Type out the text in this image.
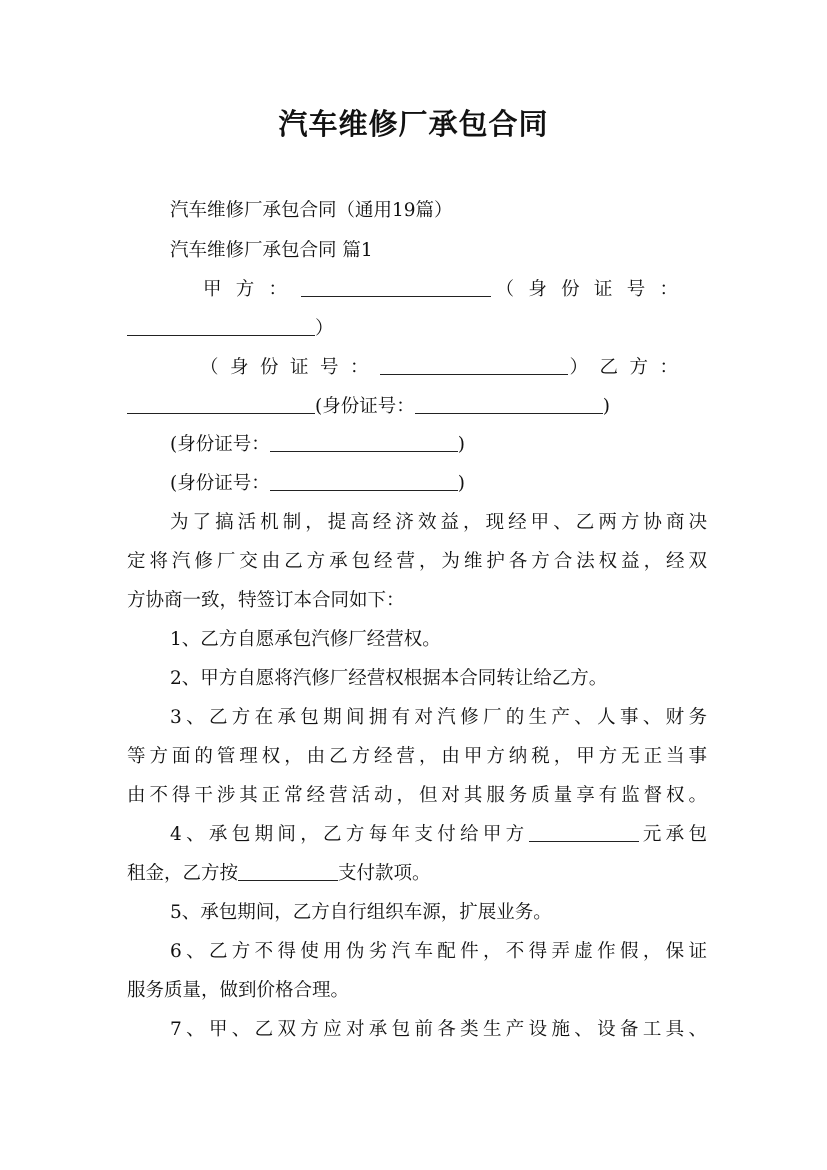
汽车维修厂承包合同
汽车维修厂承包合同（通用19篇）
汽车维修厂承包合同 篇1
甲方：	（身份证号：
）
（身份证号：	）乙方：
(身份证号：	)
(身份证号：	)
(身份证号：	)
为了搞活机制，提高经济效益，现经甲、乙两方协商决
定将汽修厂交由乙方承包经营，为维护各方合法权益，经双
方协商一致，特签订本合同如下：
1、乙方自愿承包汽修厂经营权。
2、甲方自愿将汽修厂经营权根据本合同转让给乙方。
3、乙方在承包期间拥有对汽修厂的生产、人事、财务
等方面的管理权，由乙方经营，由甲方纳税，甲方无正当事
由不得干涉其正常经营活动，但对其服务质量享有监督权。
4、承包期间，乙方每年支付给甲方	元承包
租金，乙方按	支付款项。
5、承包期间，乙方自行组织车源，扩展业务。
6、乙方不得使用伪劣汽车配件，不得弄虚作假，保证
服务质量，做到价格合理。
7、甲、乙双方应对承包前各类生产设施、设备工具、
